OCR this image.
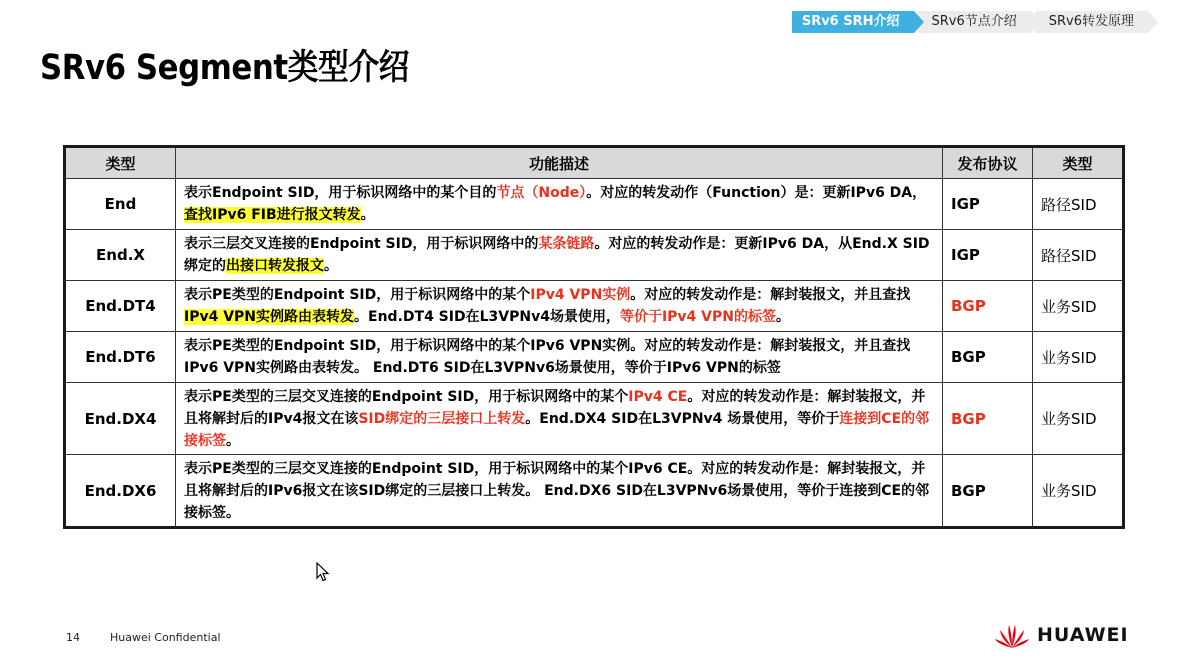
SRv6 SRH介绍	SRv6节点介绍	SRv6转发原理
SRv6 Segment类型介绍
类型	功能描述	发布协议	类型
End	表示Endpoint SID，用于标识网络中的某个目的节点（Node）。对应的转发动作（Function）是：更新IPv6 DA，查找IPv6 FIB进行报文转发。	IGP	路径SID
End.X	表示三层交叉连接的Endpoint SID，用于标识网络中的某条链路。对应的转发动作是：更新IPv6 DA，从End.X SID绑定的出接口转发报文。	IGP	路径SID
End.DT4	表示PE类型的Endpoint SID，用于标识网络中的某个IPv4 VPN实例。对应的转发动作是：解封装报文，并且查找IPv4 VPN实例路由表转发。End.DT4 SID在L3VPNv4场景使用，等价于IPv4 VPN的标签。	BGP	业务SID
End.DT6	表示PE类型的Endpoint SID，用于标识网络中的某个IPv6 VPN实例。对应的转发动作是：解封装报文，并且查找IPv6 VPN实例路由表转发。 End.DT6 SID在L3VPNv6场景使用，等价于IPv6 VPN的标签	BGP	业务SID
End.DX4	表示PE类型的三层交叉连接的Endpoint SID，用于标识网络中的某个IPv4 CE。对应的转发动作是：解封装报文，并且将解封后的IPv4报文在该SID绑定的三层接口上转发。End.DX4 SID在L3VPNv4 场景使用，等价于连接到CE的邻接标签。	BGP	业务SID
End.DX6	表示PE类型的三层交叉连接的Endpoint SID，用于标识网络中的某个IPv6 CE。对应的转发动作是：解封装报文，并且将解封后的IPv6报文在该SID绑定的三层接口上转发。 End.DX6 SID在L3VPNv6场景使用，等价于连接到CE的邻接标签。	BGP	业务SID
14	Huawei Confidential	HUAWEI
